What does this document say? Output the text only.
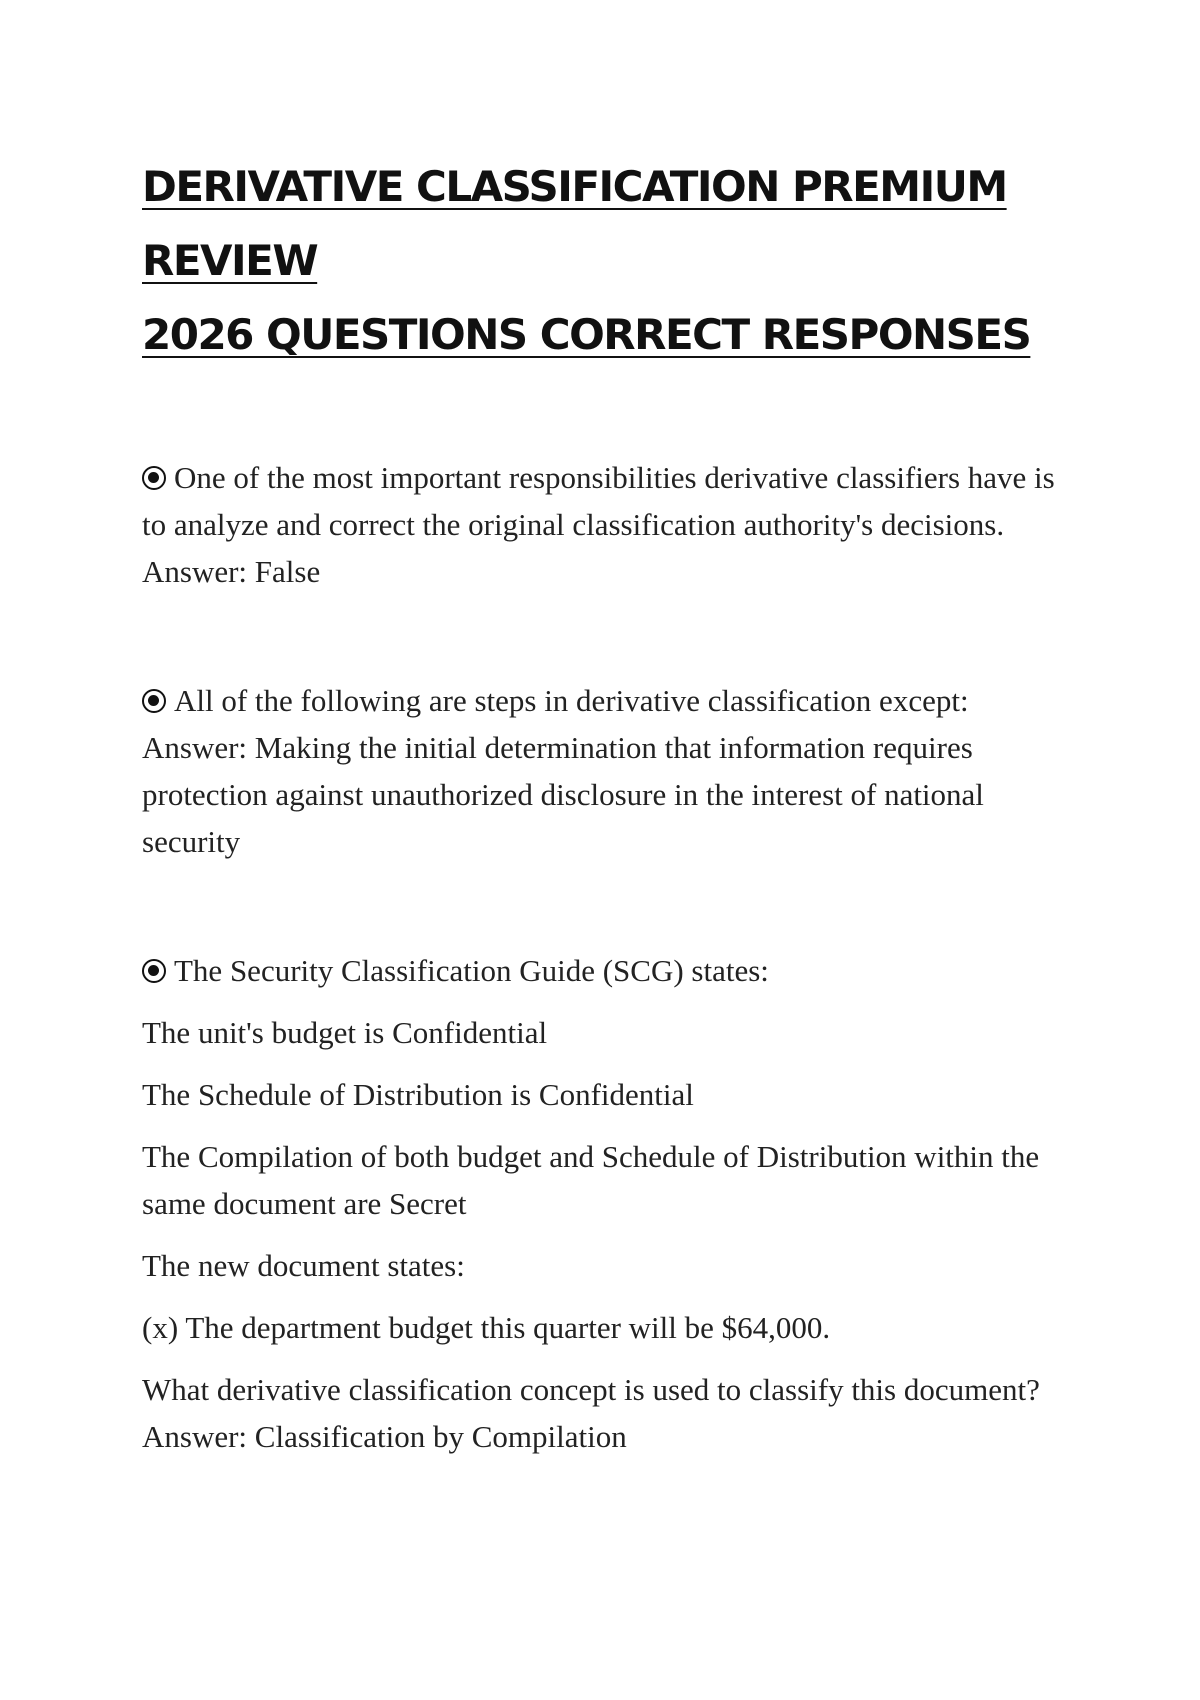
DERIVATIVE CLASSIFICATION PREMIUM REVIEW
2026 QUESTIONS CORRECT RESPONSES

One of the most important responsibilities derivative classifiers have is to analyze and correct the original classification authority's decisions. Answer: False

All of the following are steps in derivative classification except: Answer: Making the initial determination that information requires protection against unauthorized disclosure in the interest of national security

The Security Classification Guide (SCG) states:

The unit's budget is Confidential

The Schedule of Distribution is Confidential

The Compilation of both budget and Schedule of Distribution within the same document are Secret

The new document states:

(x) The department budget this quarter will be $64,000.

What derivative classification concept is used to classify this document? Answer: Classification by Compilation
